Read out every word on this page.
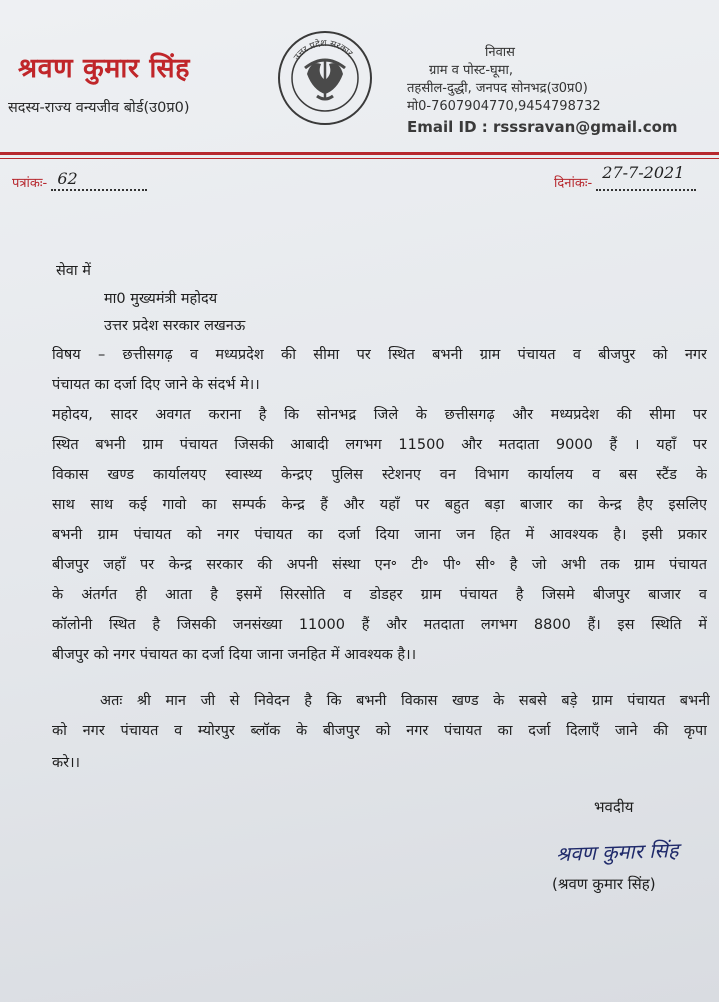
श्रवण कुमार सिंह
सदस्य-राज्य वन्यजीव बोर्ड(उ0प्र0)
उत्तर प्रदेश सरकार	निवास
ग्राम व पोस्ट-घूमा,
तहसील-दुद्धी, जनपद सोनभद्र(उ0प्र0)
मो0-7607904770,9454798732
Email ID : rsssravan@gmail.com
पत्रांकः- 62	दिनांकः-
27-7-2021
सेवा में
मा0 मुख्यमंत्री महोदय
उत्तर प्रदेश सरकार लखनऊ
विषय – छत्तीसगढ़ व मध्यप्रदेश की सीमा पर स्थित बभनी ग्राम पंचायत व बीजपुर को नगर
पंचायत का दर्जा दिए जाने के संदर्भ मे।।
महोदय, सादर अवगत कराना है कि सोनभद्र जिले के छत्तीसगढ़ और मध्यप्रदेश की सीमा पर
स्थित बभनी ग्राम पंचायत जिसकी आबादी लगभग 11500 और मतदाता 9000 हैं । यहाँ पर
विकास खण्ड कार्यालयए स्वास्थ्य केन्द्रए पुलिस स्टेशनए वन विभाग कार्यालय व बस स्टैंड के
साथ साथ कई गावो का सम्पर्क केन्द्र हैं और यहाँ पर बहुत बड़ा बाजार का केन्द्र हैए इसलिए
बभनी ग्राम पंचायत को नगर पंचायत का दर्जा दिया जाना जन हित में आवश्यक है। इसी प्रकार
बीजपुर जहाँ पर केन्द्र सरकार की अपनी संस्था एन॰ टी॰ पी॰ सी॰ है जो अभी तक ग्राम पंचायत
के अंतर्गत ही आता है इसमें सिरसोति व डोडहर ग्राम पंचायत है जिसमे बीजपुर बाजार व
कॉलोनी स्थित है जिसकी जनसंख्या 11000 हैं और मतदाता लगभग 8800 हैं। इस स्थिति में
बीजपुर को नगर पंचायत का दर्जा दिया जाना जनहित में आवश्यक है।।
अतः श्री मान जी से निवेदन है कि बभनी विकास खण्ड के सबसे बड़े ग्राम पंचायत बभनी
को नगर पंचायत व म्योरपुर ब्लॉक के बीजपुर को नगर पंचायत का दर्जा दिलाएँ जाने की कृपा
करे।।
भवदीय
श्रवण कुमार सिंह
(श्रवण कुमार सिंह)
